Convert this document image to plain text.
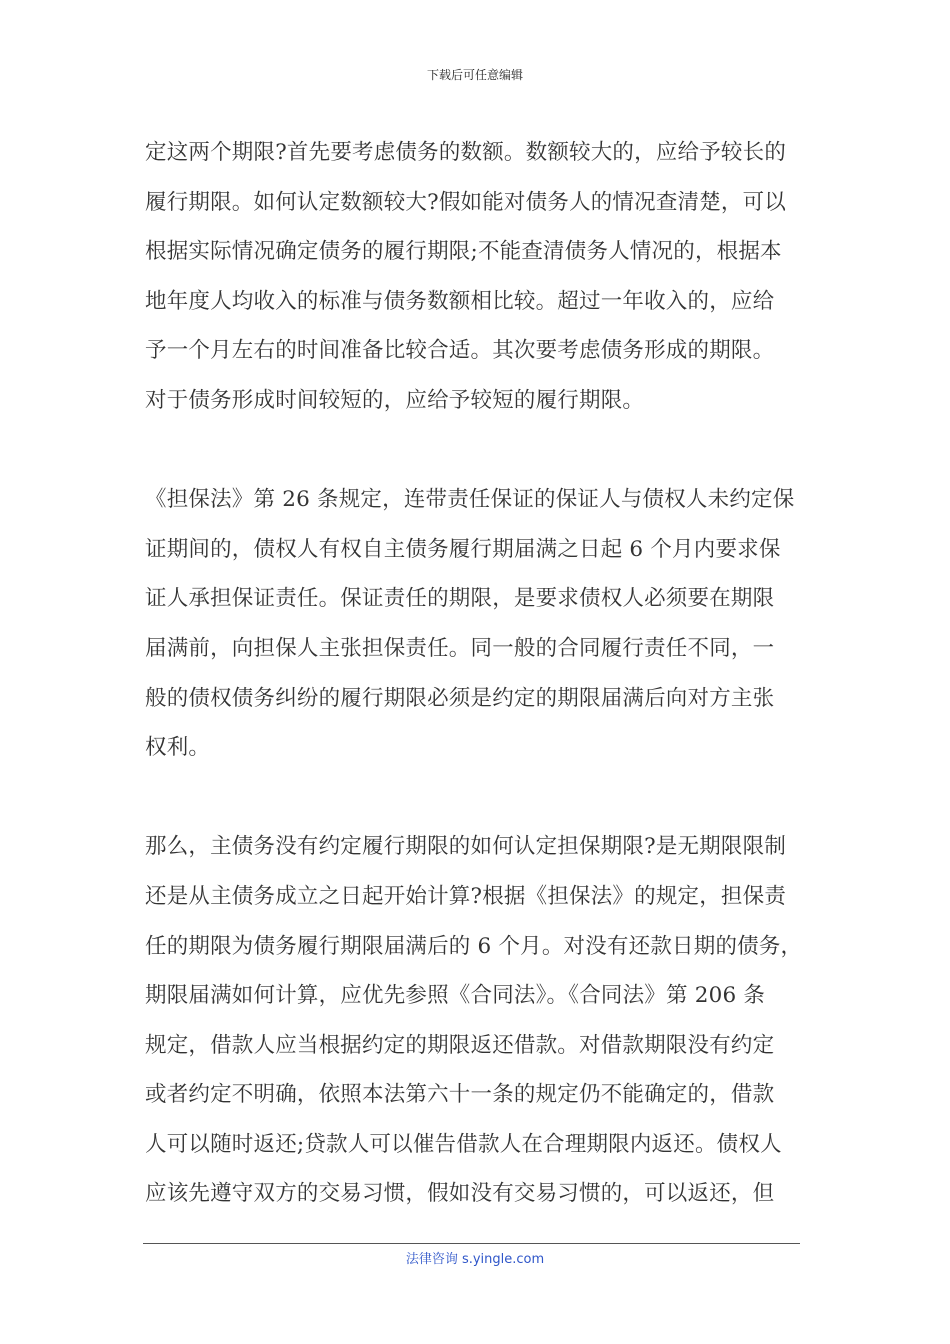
下载后可任意编辑
定这两个期限?首先要考虑债务的数额。数额较大的，应给予较长的
履行期限。如何认定数额较大?假如能对债务人的情况查清楚，可以
根据实际情况确定债务的履行期限;不能查清债务人情况的，根据本
地年度人均收入的标准与债务数额相比较。超过一年收入的，应给
予一个月左右的时间准备比较合适。其次要考虑债务形成的期限。
对于债务形成时间较短的，应给予较短的履行期限。
《担保法》第 26 条规定，连带责任保证的保证人与债权人未约定保
证期间的，债权人有权自主债务履行期届满之日起 6 个月内要求保
证人承担保证责任。保证责任的期限，是要求债权人必须要在期限
届满前，向担保人主张担保责任。同一般的合同履行责任不同，一
般的债权债务纠纷的履行期限必须是约定的期限届满后向对方主张
权利。
那么，主债务没有约定履行期限的如何认定担保期限?是无期限限制
还是从主债务成立之日起开始计算?根据《担保法》的规定，担保责
任的期限为债务履行期限届满后的 6 个月。对没有还款日期的债务，
期限届满如何计算，应优先参照《合同法》。《合同法》第 206 条
规定，借款人应当根据约定的期限返还借款。对借款期限没有约定
或者约定不明确，依照本法第六十一条的规定仍不能确定的，借款
人可以随时返还;贷款人可以催告借款人在合理期限内返还。债权人
应该先遵守双方的交易习惯，假如没有交易习惯的，可以返还，但
法律咨询 s.yingle.com
